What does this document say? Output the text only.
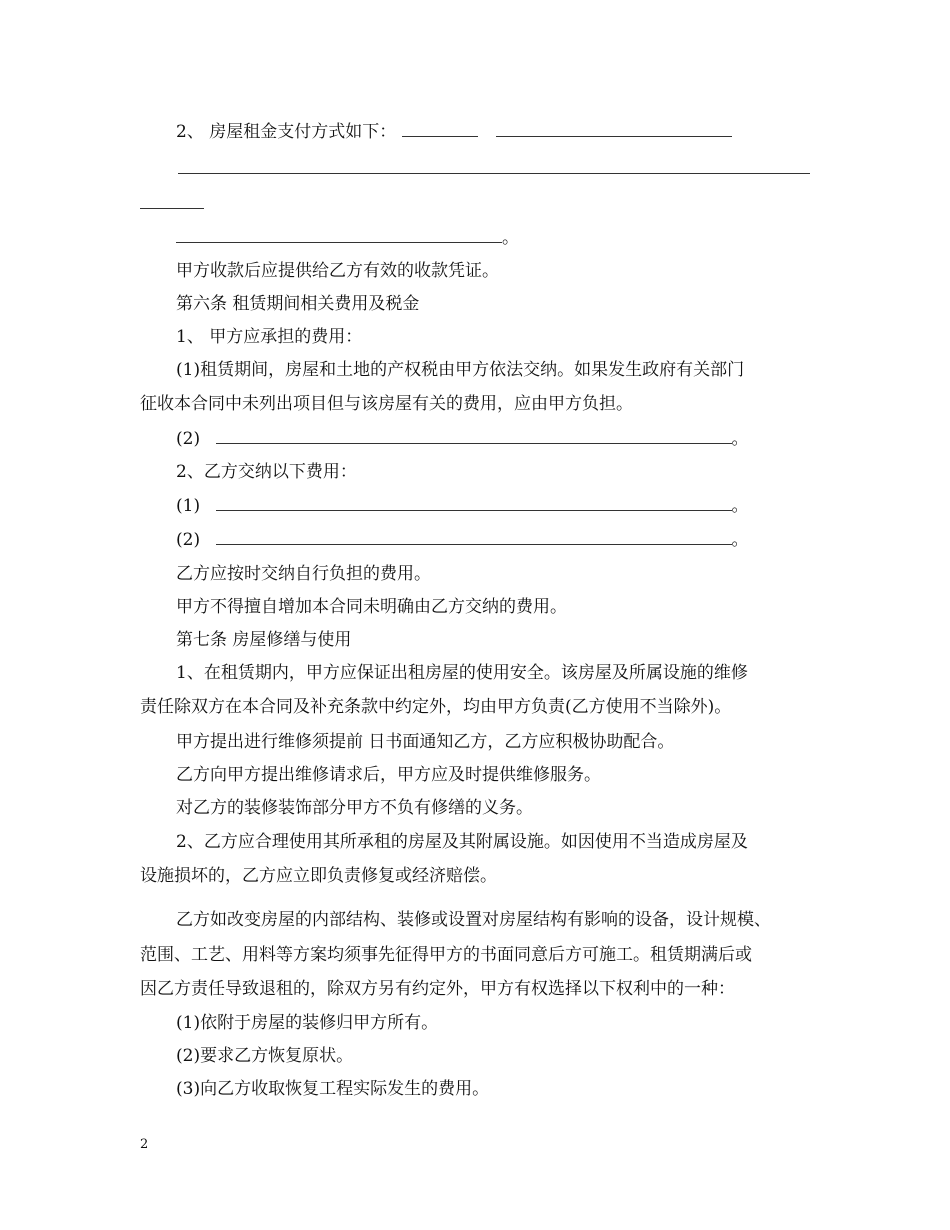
2、 房屋租金支付方式如下：
。
甲方收款后应提供给乙方有效的收款凭证。
第六条 租赁期间相关费用及税金
1、 甲方应承担的费用：
(1)租赁期间，房屋和土地的产权税由甲方依法交纳。如果发生政府有关部门
征收本合同中未列出项目但与该房屋有关的费用，应由甲方负担。
(2)	。
2、乙方交纳以下费用：
(1)	。
(2)	。
乙方应按时交纳自行负担的费用。
甲方不得擅自增加本合同未明确由乙方交纳的费用。
第七条 房屋修缮与使用
1、在租赁期内，甲方应保证出租房屋的使用安全。该房屋及所属设施的维修
责任除双方在本合同及补充条款中约定外，均由甲方负责(乙方使用不当除外)。
甲方提出进行维修须提前 日书面通知乙方，乙方应积极协助配合。
乙方向甲方提出维修请求后，甲方应及时提供维修服务。
对乙方的装修装饰部分甲方不负有修缮的义务。
2、乙方应合理使用其所承租的房屋及其附属设施。如因使用不当造成房屋及
设施损坏的，乙方应立即负责修复或经济赔偿。
乙方如改变房屋的内部结构、装修或设置对房屋结构有影响的设备，设计规模、
范围、工艺、用料等方案均须事先征得甲方的书面同意后方可施工。租赁期满后或
因乙方责任导致退租的，除双方另有约定外，甲方有权选择以下权利中的一种：
(1)依附于房屋的装修归甲方所有。
(2)要求乙方恢复原状。
(3)向乙方收取恢复工程实际发生的费用。
2
